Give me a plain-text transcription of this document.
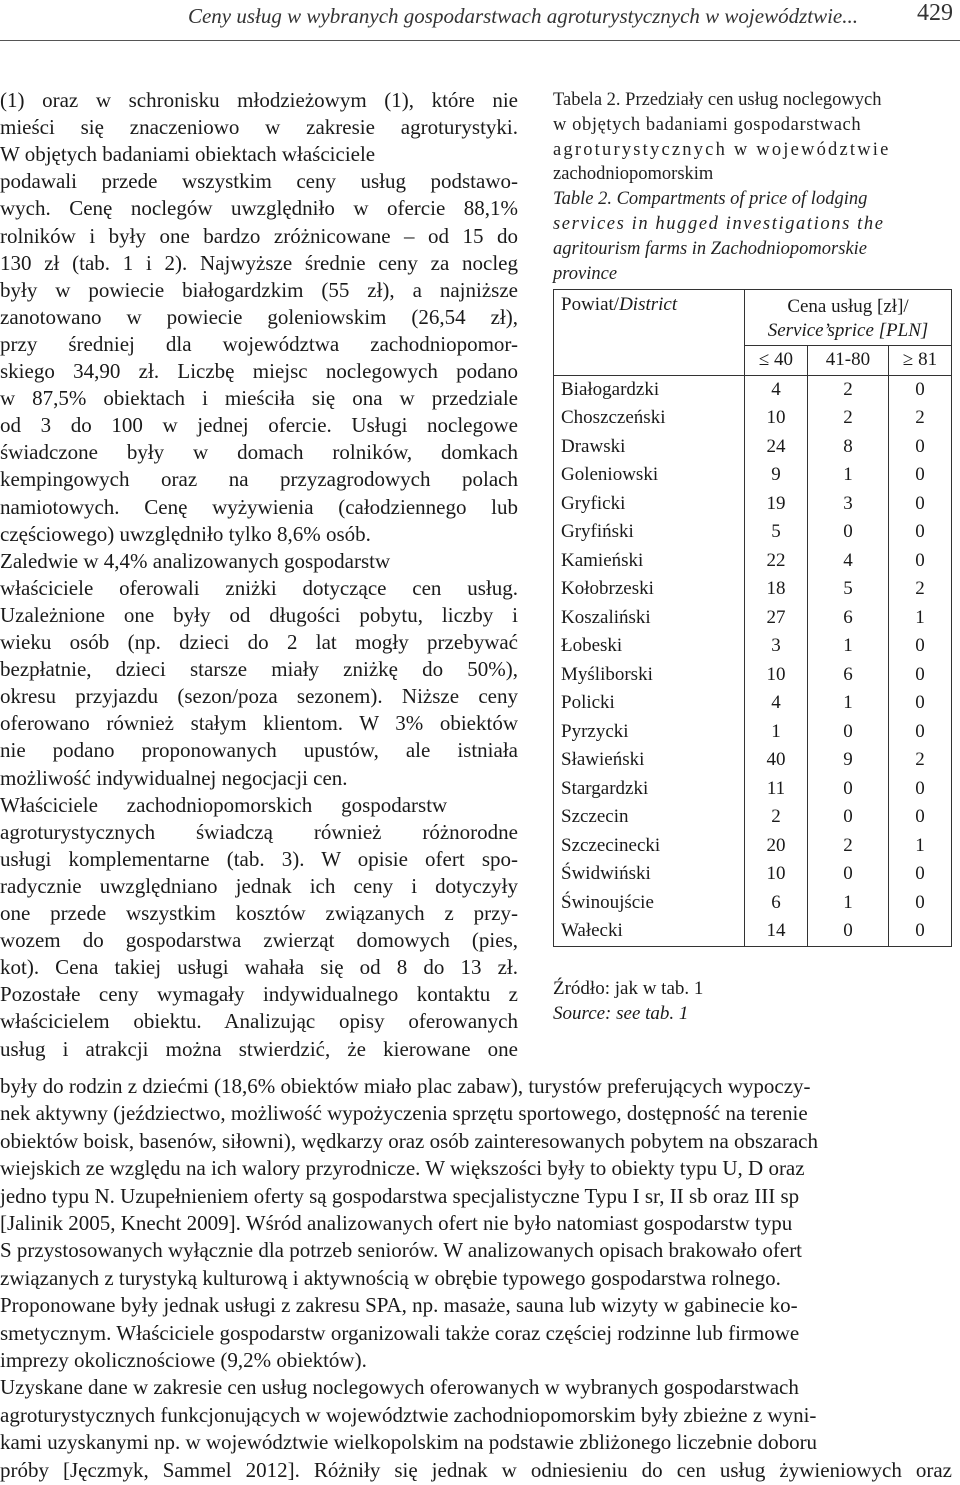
Ceny usług w wybranych gospodarstwach agroturystycznych w województwie...	429
(1) oraz w schronisku młodzieżowym (1), które nie
mieści się znaczeniowo w zakresie agroturystyki.
W objętych badaniami obiektach właściciele
podawali przede wszystkim ceny usług podstawo-
wych. Cenę noclegów uwzględniło w ofercie 88,1%
rolników i były one bardzo zróżnicowane – od 15 do
130 zł (tab. 1 i 2). Najwyższe średnie ceny za nocleg
były w powiecie białogardzkim (55 zł), a najniższe
zanotowano w powiecie goleniowskim (26,54 zł),
przy średniej dla województwa zachodniopomor-
skiego 34,90 zł. Liczbę miejsc noclegowych podano
w 87,5% obiektach i mieściła się ona w przedziale
od 3 do 100 w jednej ofercie. Usługi noclegowe
świadczone były w domach rolników, domkach
kempingowych oraz na przyzagrodowych polach
namiotowych. Cenę wyżywienia (całodziennego lub
częściowego) uwzględniło tylko 8,6% osób.
Zaledwie w 4,4% analizowanych gospodarstw
właściciele oferowali zniżki dotyczące cen usług.
Uzależnione one były od długości pobytu, liczby i
wieku osób (np. dzieci do 2 lat mogły przebywać
bezpłatnie, dzieci starsze miały zniżkę do 50%),
okresu przyjazdu (sezon/poza sezonem). Niższe ceny
oferowano również stałym klientom. W 3% obiektów
nie podano proponowanych upustów, ale istniała
możliwość indywidualnej negocjacji cen.
Właściciele zachodniopomorskich gospodarstw
agroturystycznych świadczą również różnorodne
usługi komplementarne (tab. 3). W opisie ofert spo-
radycznie uwzględniano jednak ich ceny i dotyczyły
one przede wszystkim kosztów związanych z przy-
wozem do gospodarstwa zwierząt domowych (pies,
kot). Cena takiej usługi wahała się od 8 do 13 zł.
Pozostałe ceny wymagały indywidualnego kontaktu z
właścicielem obiektu. Analizując opisy oferowanych
usług i atrakcji można stwierdzić, że kierowane one
były do rodzin z dziećmi (18,6% obiektów miało plac zabaw), turystów preferujących wypoczy-
nek aktywny (jeździectwo, możliwość wypożyczenia sprzętu sportowego, dostępność na terenie
obiektów boisk, basenów, siłowni), wędkarzy oraz osób zainteresowanych pobytem na obszarach
wiejskich ze względu na ich walory przyrodnicze. W większości były to obiekty typu U, D oraz
jedno typu N. Uzupełnieniem oferty są gospodarstwa specjalistyczne Typu I sr, II sb oraz III sp
[Jalinik 2005, Knecht 2009]. Wśród analizowanych ofert nie było natomiast gospodarstw typu
S przystosowanych wyłącznie dla potrzeb seniorów. W analizowanych opisach brakowało ofert
związanych z turystyką kulturową i aktywnością w obrębie typowego gospodarstwa rolnego.
Proponowane były jednak usługi z zakresu SPA, np. masaże, sauna lub wizyty w gabinecie ko-
smetycznym. Właściciele gospodarstw organizowali także coraz częściej rodzinne lub firmowe
imprezy okolicznościowe (9,2% obiektów).
Uzyskane dane w zakresie cen usług noclegowych oferowanych w wybranych gospodarstwach
agroturystycznych funkcjonujących w województwie zachodniopomorskim były zbieżne z wyni-
kami uzyskanymi np. w województwie wielkopolskim na podstawie zbliżonego liczebnie doboru
próby [Jęczmyk, Sammel 2012]. Różniły się jednak w odniesieniu do cen usług żywieniowych oraz
Tabela 2. Przedziały cen usług noclegowych
w objętych badaniami gospodarstwach
agroturystycznych w województwie
zachodniopomorskim
Table 2. Compartments of price of lodging
services in hugged investigations the
agritourism farms in Zachodniopomorskie
province
Powiat/District	Cena usług [zł]/
Service’sprice [PLN]		

	≤ 40	41-80	≥ 81
Białogardzki	4	2	0
Choszczeński	10	2	2
Drawski	24	8	0
Goleniowski	9	1	0
Gryficki	19	3	0
Gryfiński	5	0	0
Kamieński	22	4	0
Kołobrzeski	18	5	2
Koszaliński	27	6	1
Łobeski	3	1	0
Myśliborski	10	6	0
Policki	4	1	0
Pyrzycki	1	0	0
Sławieński	40	9	2
Stargardzki	11	0	0
Szczecin	2	0	0
Szczecinecki	20	2	1
Świdwiński	10	0	0
Świnoujście	6	1	0
Wałecki	14	0	0
Źródło: jak w tab. 1
Source: see tab. 1
